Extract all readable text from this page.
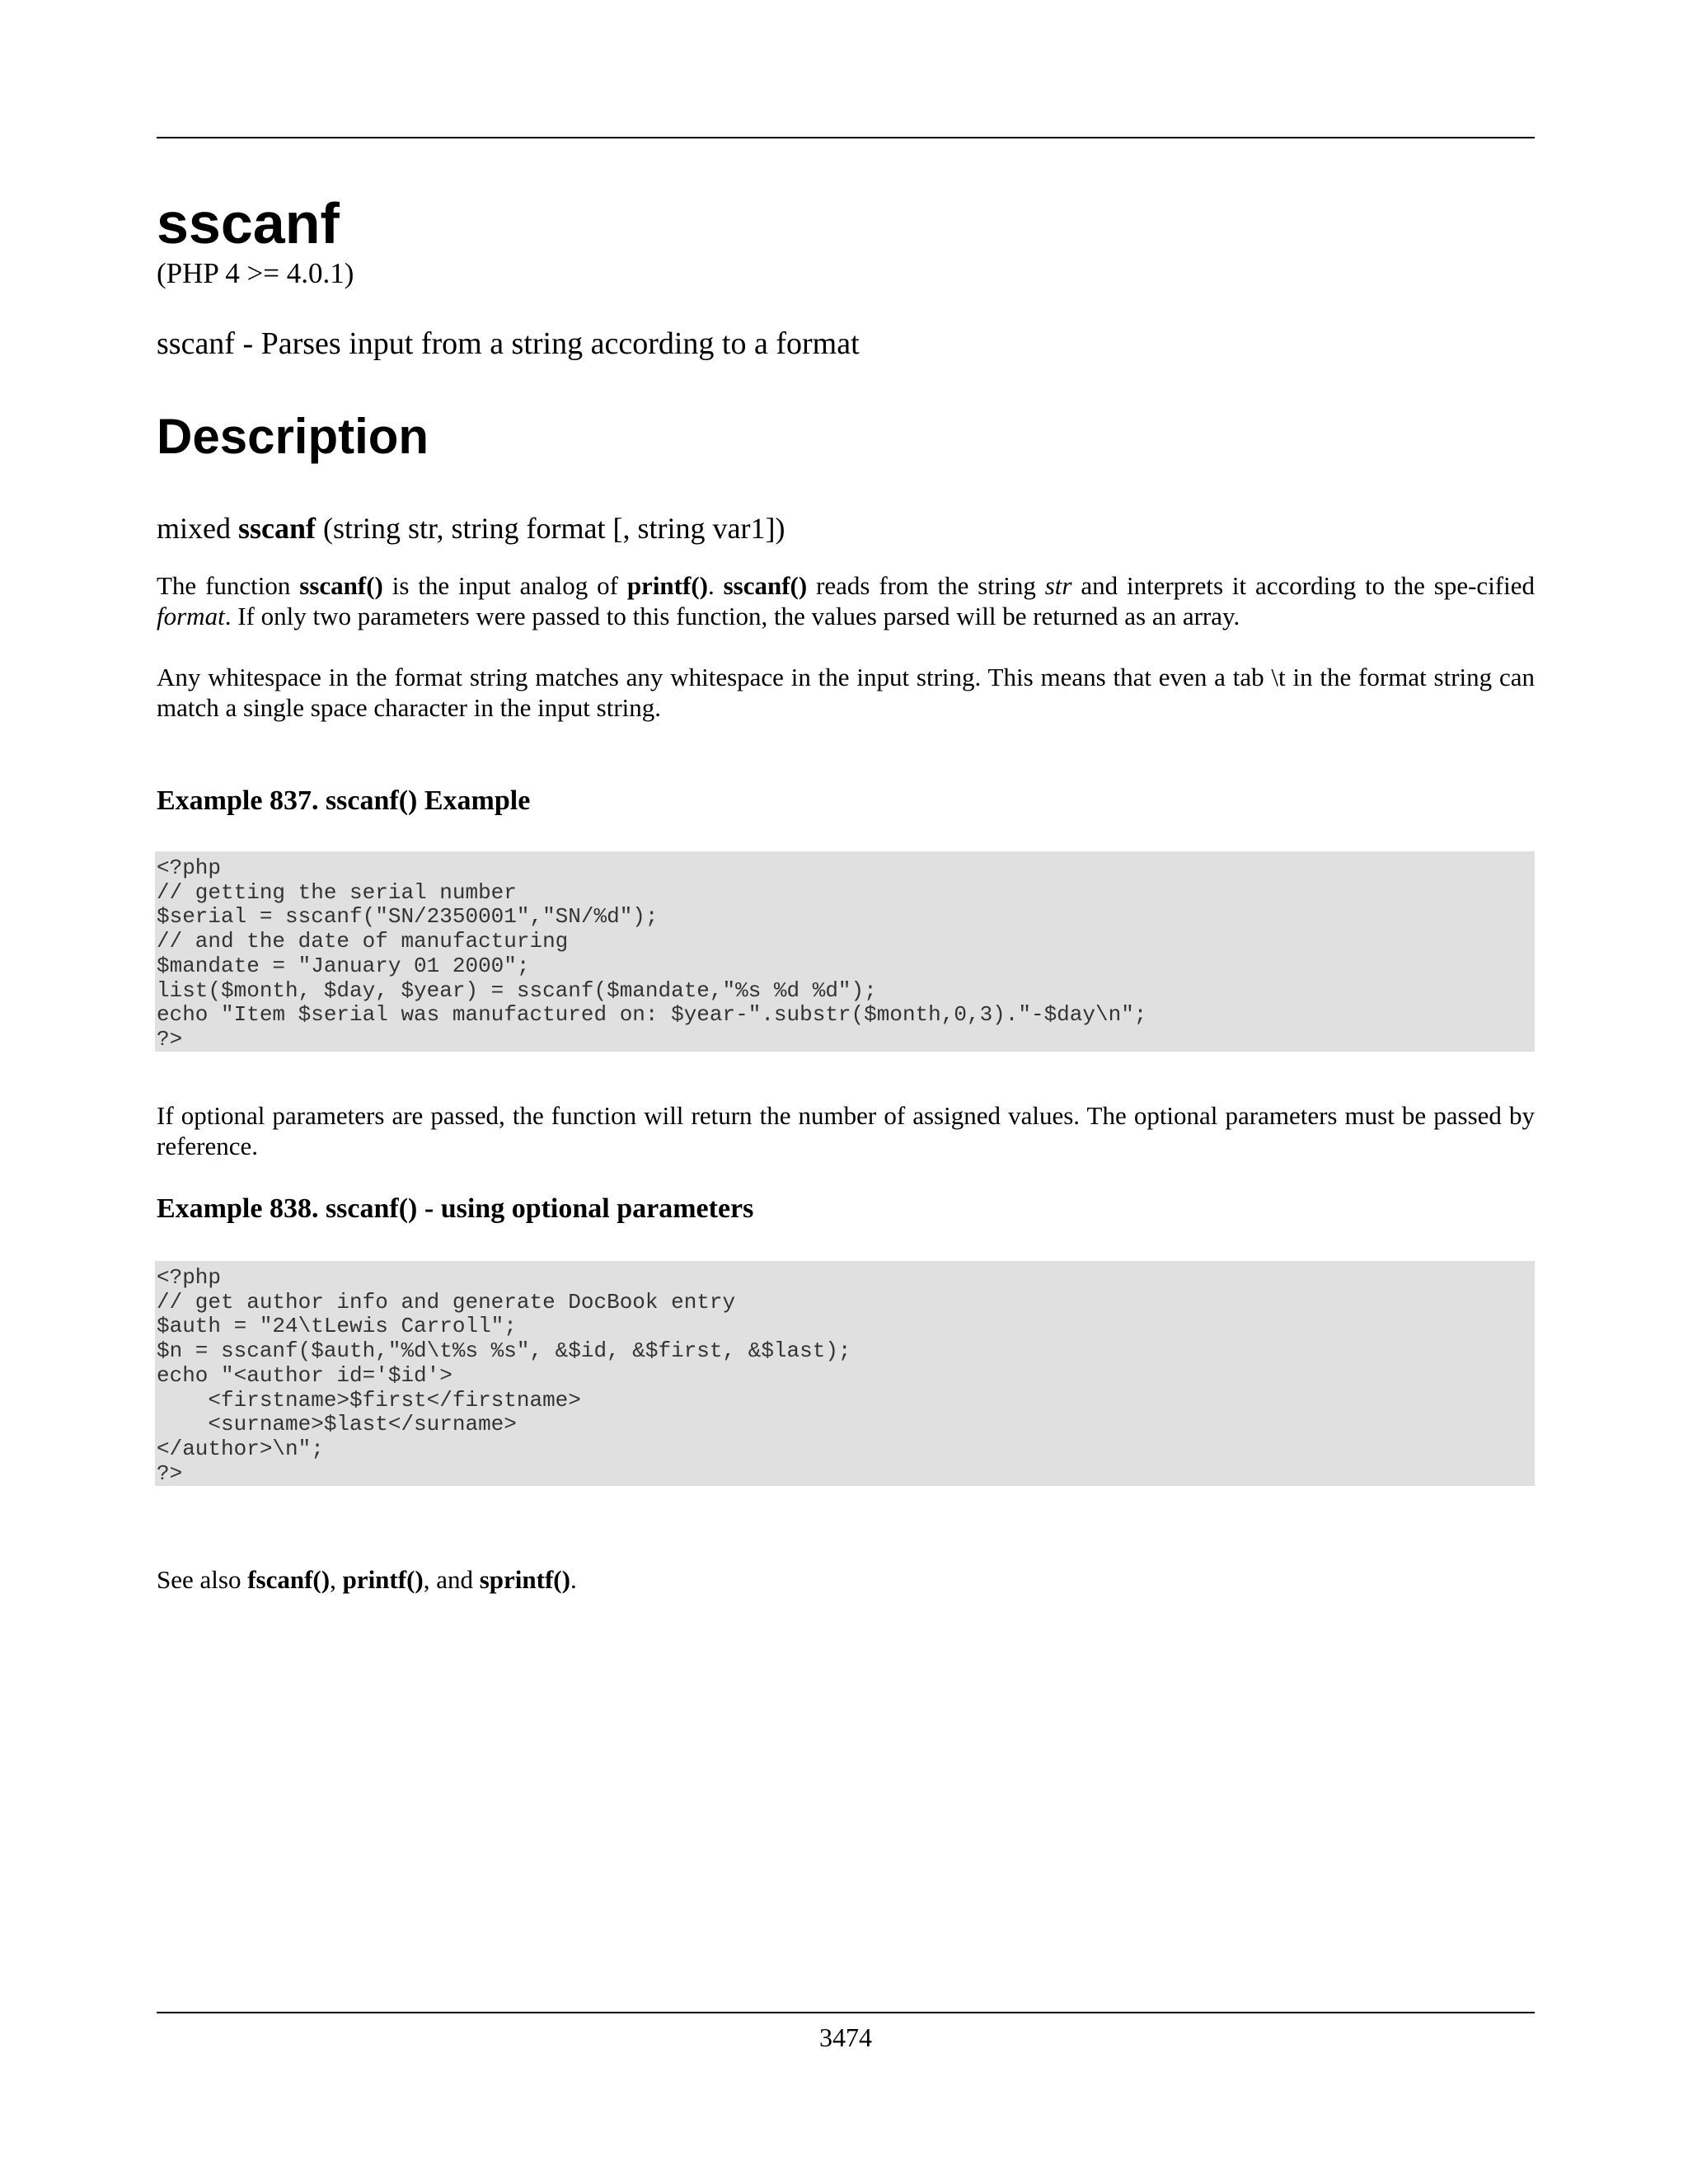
sscanf
(PHP 4 >= 4.0.1)
sscanf - Parses input from a string according to a format
Description
mixed sscanf (string str, string format [, string var1])

The function sscanf() is the input analog of printf(). sscanf() reads from the string str and interprets it according to the spe-cified format. If only two parameters were passed to this function, the values parsed will be returned as an array.

Any whitespace in the format string matches any whitespace in the input string. This means that even a tab \t in the format string can match a single space character in the input string.

Example 837. sscanf() Example
<?php
// getting the serial number
$serial = sscanf("SN/2350001","SN/%d");
// and the date of manufacturing
$mandate = "January 01 2000";
list($month, $day, $year) = sscanf($mandate,"%s %d %d");
echo "Item $serial was manufactured on: $year-".substr($month,0,3)."-$day\n";
?>

If optional parameters are passed, the function will return the number of assigned values. The optional parameters must be passed by reference.

Example 838. sscanf() - using optional parameters
<?php
// get author info and generate DocBook entry
$auth = "24\tLewis Carroll";
$n = sscanf($auth,"%d\t%s %s", &$id, &$first, &$last);
echo "<author id='$id'>
<firstname>$first</firstname>
<surname>$last</surname>
</author>\n";
?>

See also fscanf(), printf(), and sprintf().

3474
